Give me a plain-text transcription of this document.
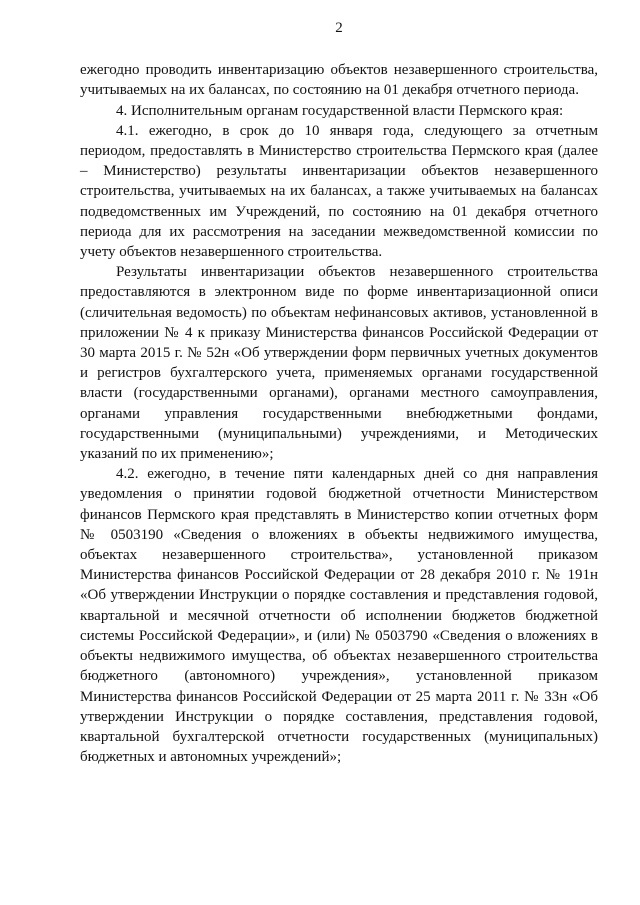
2

ежегодно проводить инвентаризацию объектов незавершенного строительства, учитываемых на их балансах, по состоянию на 01 декабря отчетного периода.

4. Исполнительным органам государственной власти Пермского края:

4.1. ежегодно, в срок до 10 января года, следующего за отчетным периодом, предоставлять в Министерство строительства Пермского края (далее – Министерство) результаты инвентаризации объектов незавершенного строительства, учитываемых на их балансах, а также учитываемых на балансах подведомственных им Учреждений, по состоянию на 01 декабря отчетного периода для их рассмотрения на заседании межведомственной комиссии по учету объектов незавершенного строительства.

Результаты инвентаризации объектов незавершенного строительства предоставляются в электронном виде по форме инвентаризационной описи (сличительная ведомость) по объектам нефинансовых активов, установленной в приложении № 4 к приказу Министерства финансов Российской Федерации от 30 марта 2015 г. № 52н «Об утверждении форм первичных учетных документов и регистров бухгалтерского учета, применяемых органами государственной власти (государственными органами), органами местного самоуправления, органами управления государственными внебюджетными фондами, государственными (муниципальными) учреждениями, и Методических указаний по их применению»;

4.2. ежегодно, в течение пяти календарных дней со дня направления уведомления о принятии годовой бюджетной отчетности Министерством финансов Пермского края представлять в Министерство копии отчетных форм № 0503190 «Сведения о вложениях в объекты недвижимого имущества, объектах незавершенного строительства», установленной приказом Министерства финансов Российской Федерации от 28 декабря 2010 г. № 191н «Об утверждении Инструкции о порядке составления и представления годовой, квартальной и месячной отчетности об исполнении бюджетов бюджетной системы Российской Федерации», и (или) № 0503790 «Сведения о вложениях в объекты недвижимого имущества, об объектах незавершенного строительства бюджетного (автономного) учреждения», установленной приказом Министерства финансов Российской Федерации от 25 марта 2011 г. № 33н «Об утверждении Инструкции о порядке составления, представления годовой, квартальной бухгалтерской отчетности государственных (муниципальных) бюджетных и автономных учреждений»;
